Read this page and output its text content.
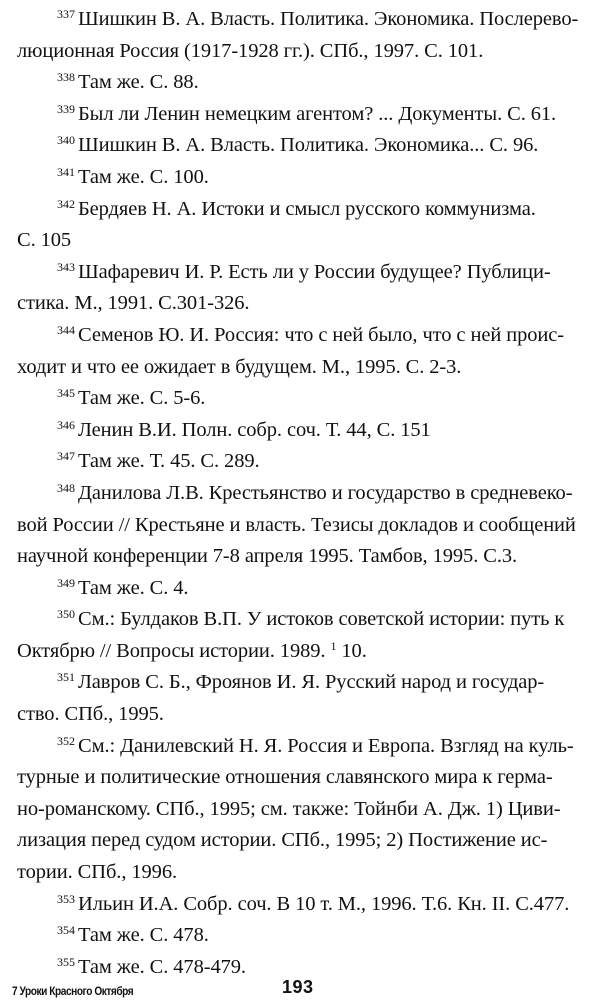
$^{337}$ Шишкин В. А. Власть. Политика. Экономика. Послерево-
люционная Россия (1917-1928 гг.). СПб., 1997. С. 101.

$^{338}$ Там же. С. 88.

$^{339}$ Был ли Ленин немецким агентом? ... Документы. С. 61.

$^{340}$ Шишкин В. А. Власть. Политика. Экономика... С. 96.

$^{341}$ Там же. С. 100.

$^{342}$ Бердяев Н. А. Истоки и смысл русского коммунизма.
С. 105

$^{343}$ Шафаревич И. Р. Есть ли у России будущее? Публици-
стика. М., 1991. С.301-326.

$^{344}$ Семенов Ю. И. Россия: что с ней было, что с ней проис-
ходит и что ее ожидает в будущем. М., 1995. С. 2-3.

$^{345}$ Там же. С. 5-6.

$^{346}$ Ленин В.И. Полн. собр. соч. Т. 44, С. 151

$^{347}$ Там же. Т. 45. С. 289.

$^{348}$ Данилова Л.В. Крестьянство и государство в средневеко-
вой России // Крестьяне и власть. Тезисы докладов и сообщений
научной конференции 7-8 апреля 1995. Тамбов, 1995. С.3.

$^{349}$ Там же. С. 4.

$^{350}$ См.: Булдаков В.П. У истоков советской истории: путь к
Октябрю // Вопросы истории. 1989. $^1$ 10.

$^{351}$ Лавров С. Б., Фроянов И. Я. Русский народ и государ-
ство. СПб., 1995.

$^{352}$ См.: Данилевский Н. Я. Россия и Европа. Взгляд на куль-
турные и политические отношения славянского мира к герма-
но-романскому. СПб., 1995; см. также: Тойнби А. Дж. 1) Циви-
лизация перед судом истории. СПб., 1995; 2) Постижение ис-
тории. СПб., 1996.

$^{353}$ Ильин И.А. Собр. соч. В 10 т. М., 1996. Т.6. Кн. II. С.477.

$^{354}$ Там же. С. 478.

$^{355}$ Там же. С. 478-479.

7 Уроки Красного Октября	193
